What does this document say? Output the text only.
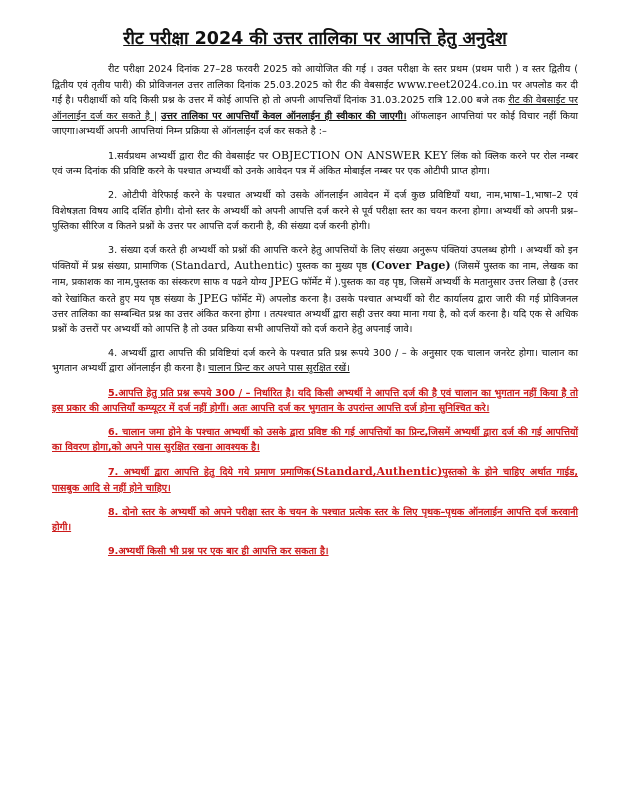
रीट परीक्षा 2024 की उत्तर तालिका पर आपत्ति हेतु अनुदेश

रीट परीक्षा 2024 दिनांक 27–28 फरवरी 2025 को आयोजित की गई । उक्त परीक्षा के स्तर प्रथम (प्रथम पारी ) व स्तर द्वितीय ( द्वितीय एवं तृतीय पारी) की प्रोविजनल उत्तर तालिका दिनांक 25.03.2025 को रीट की वेबसाईट www.reet2024.co.in पर अपलोड कर दी गई है। परीक्षार्थी को यदि किसी प्रश्न के उत्तर में कोई आपत्ति हो तो अपनी आपत्तियाँ दिनांक 31.03.2025 रात्रि 12.00 बजे तक रीट की वेबसाईट पर ऑनलाईन दर्ज कर सकते है | उत्तर तालिका पर आपत्तियाँ केवल ऑनलाईन ही स्वीकार की जाएगी। ऑफलाइन आपत्तियां पर कोई विचार नहीं किया जाएगा।अभ्यर्थी अपनी आपत्तियां निम्न प्रक्रिया से ऑनलाईन दर्ज कर सकते है :–

1.सर्वप्रथम अभ्यर्थी द्वारा रीट की वेबसाईट पर OBJECTION ON ANSWER KEY लिंक को क्लिक करने पर रोल नम्बर एवं जन्म दिनांक की प्रविष्टि करने के पश्चात अभ्यर्थी को उनके आवेदन पत्र में अंकित मोबाईल नम्बर पर एक ओटीपी प्राप्त होगा।

2. ओटीपी वेरिफाई करने के पश्चात अभ्यर्थी को उसके ऑनलाईन आवेदन में दर्ज कुछ प्रविष्टियाँ यथा, नाम,भाषा–1,भाषा–2 एवं विशेषज्ञता विषय आदि दर्शित होगी। दोनो स्तर के अभ्यर्थी को अपनी आपत्ति दर्ज करने से पूर्व परीक्षा स्तर का चयन करना होगा। अभ्यर्थी को अपनी प्रश्न–पुस्तिका सीरिज व कितने प्रश्नों के उत्तर पर आपत्ति दर्ज करानी है, की संख्या दर्ज करनी होगी।

3. संख्या दर्ज करते ही अभ्यर्थी को प्रश्नों की आपत्ति करने हेतु आपत्तियों के लिए संख्या अनुरूप पंक्तियां उपलब्ध होगी । अभ्यर्थी को इन पंक्तियों में प्रश्न संख्या, प्रामाणिक (Standard, Authentic) पुस्तक का मुख्य पृष्ठ (Cover Page) (जिसमें पुस्तक का नाम, लेखक का नाम, प्रकाशक का नाम,पुस्तक का संस्करण साफ व पढने योग्य JPEG फॉर्मेट में ).पुस्तक का वह पृष्ठ, जिसमें अभ्यर्थी के मतानुसार उत्तर लिखा है (उत्तर को रेखांकित करते हुए मय पृष्ठ संख्या के JPEG फॉर्मेट में) अपलोड करना है। उसके पश्चात अभ्यर्थी को रीट कार्यालय द्वारा जारी की गई प्रोविजनल उत्तर तालिका का सम्बन्धित प्रश्न का उत्तर अंकित करना होगा । तत्पश्चात अभ्यर्थी द्वारा सही उत्तर क्या माना गया है, को दर्ज करना है। यदि एक से अधिक प्रश्नों के उत्तरों पर अभ्यर्थी को आपत्ति है तो उक्त प्रकिया सभी आपत्तियों को दर्ज कराने हेतु अपनाई जावे।

4. अभ्यर्थी द्वारा आपत्ति की प्रविष्टियां दर्ज करने के पश्चात प्रति प्रश्न रूपये 300 / – के अनुसार एक चालान जनरेट होगा। चालान का भुगतान अभ्यर्थी द्वारा ऑनलाईन ही करना है। चालान प्रिन्ट कर अपने पास सुरक्षित रखें।

5.आपत्ति हेतु प्रति प्रश्न रूपये 300 / – निर्धारित है। यदि किसी अभ्यर्थी ने आपत्ति दर्ज की है एवं चालान का भुगतान नहीं किया है तो इस प्रकार की आपत्तियाँ कम्प्यूटर में दर्ज नहीं होगीं। अतः आपत्ति दर्ज कर भुगतान के उपरांन्त आपत्ति दर्ज होना सुनिश्चित करे।

6. चालान जमा होने के पश्चात अभ्यर्थी को उसके द्वारा प्रविष्ट की गई आपत्तियों का प्रिन्ट,जिसमें अभ्यर्थी द्वारा दर्ज की गई आपत्तियों का विवरण होगा,को अपने पास सुरक्षित रखना आवश्यक है।

7. अभ्यर्थी द्वारा आपत्ति हेतु दिये गये प्रमाण प्रमाणिक(Standard,Authentic)पुस्तको के होने चाहिए अर्थात गाईड, पासबुक आदि से नहीं होने चाहिए।

8. दोनो स्तर के अभ्यर्थी को अपने परीक्षा स्तर के चयन के पश्चात प्रत्येक स्तर के लिए पृथक–पृथक ऑनलाईन आपत्ति दर्ज करवानी होगी।

9.अभ्यर्थी किसी भी प्रश्न पर एक बार ही आपत्ति कर सकता है।
